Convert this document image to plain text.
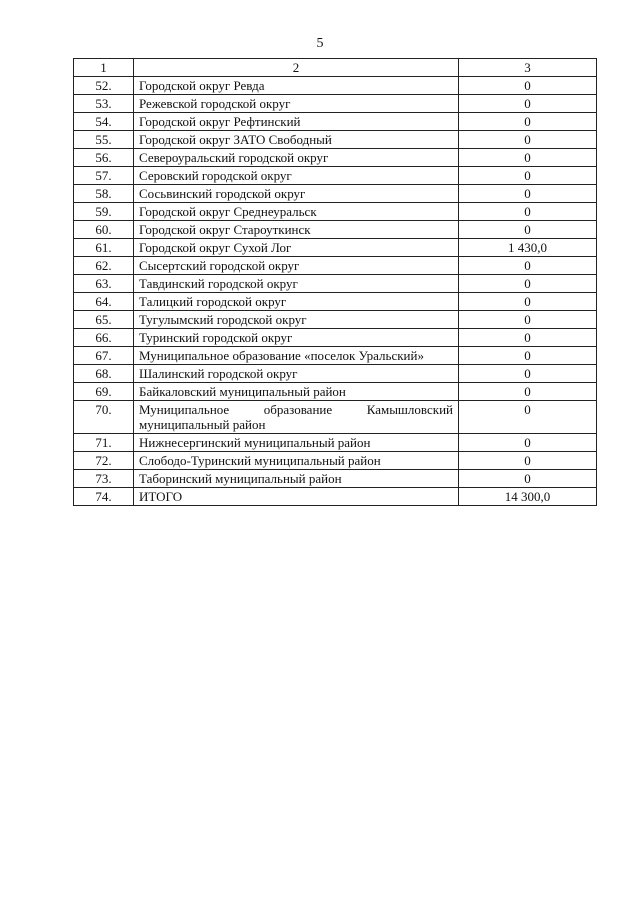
5
1	2	3
52.	Городской округ Ревда	0
53.	Режевской городской округ	0
54.	Городской округ Рефтинский	0
55.	Городской округ ЗАТО Свободный	0
56.	Североуральский городской округ	0
57.	Серовский городской округ	0
58.	Сосьвинский городской округ	0
59.	Городской округ Среднеуральск	0
60.	Городской округ Староуткинск	0
61.	Городской округ Сухой Лог	1 430,0
62.	Сысертский городской округ	0
63.	Тавдинский городской округ	0
64.	Талицкий городской округ	0
65.	Тугулымский городской округ	0
66.	Туринский городской округ	0
67.	Муниципальное образование «поселок Уральский»	0
68.	Шалинский городской округ	0
69.	Байкаловский муниципальный район	0
70.	Муниципальное образование Камышловский муниципальный район	0
71.	Нижнесергинский муниципальный район	0
72.	Слободо-Туринский муниципальный район	0
73.	Таборинский муниципальный район	0
74.	ИТОГО	14 300,0
